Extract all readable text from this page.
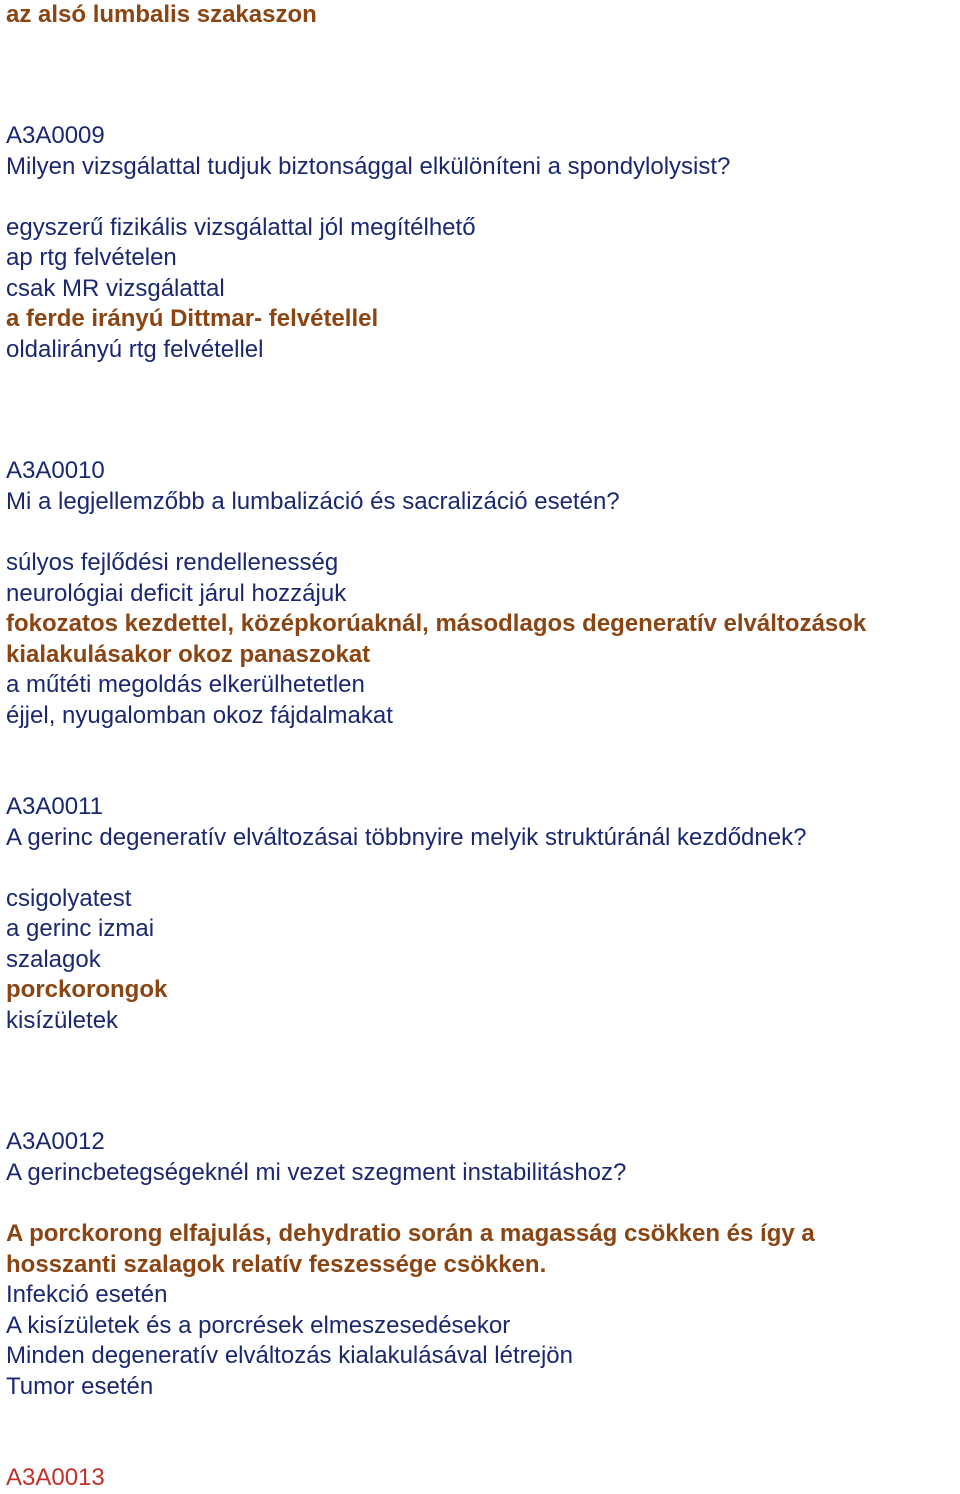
az alsó lumbalis szakaszon

A3A0009

Milyen vizsgálattal tudjuk biztonsággal elkülöníteni a spondylolysist?

egyszerű fizikális vizsgálattal jól megítélhető

ap rtg felvételen

csak MR vizsgálattal

a ferde irányú Dittmar- felvétellel

oldalirányú rtg felvétellel

A3A0010

Mi a legjellemzőbb a lumbalizáció és sacralizáció esetén?

súlyos fejlődési rendellenesség

neurológiai deficit járul hozzájuk

fokozatos kezdettel, középkorúaknál, másodlagos degeneratív elváltozások

kialakulásakor okoz panaszokat

a műtéti megoldás elkerülhetetlen

éjjel, nyugalomban okoz fájdalmakat

A3A0011

A gerinc degeneratív elváltozásai többnyire melyik struktúránál kezdődnek?

csigolyatest

a gerinc izmai

szalagok

porckorongok

kisízületek

A3A0012

A gerincbetegségeknél mi vezet szegment instabilitáshoz?

A porckorong elfajulás, dehydratio során a magasság csökken és így a

hosszanti szalagok relatív feszessége csökken.

Infekció esetén

A kisízületek és a porcrések elmeszesedésekor

Minden degeneratív elváltozás kialakulásával létrejön

Tumor esetén

A3A0013
